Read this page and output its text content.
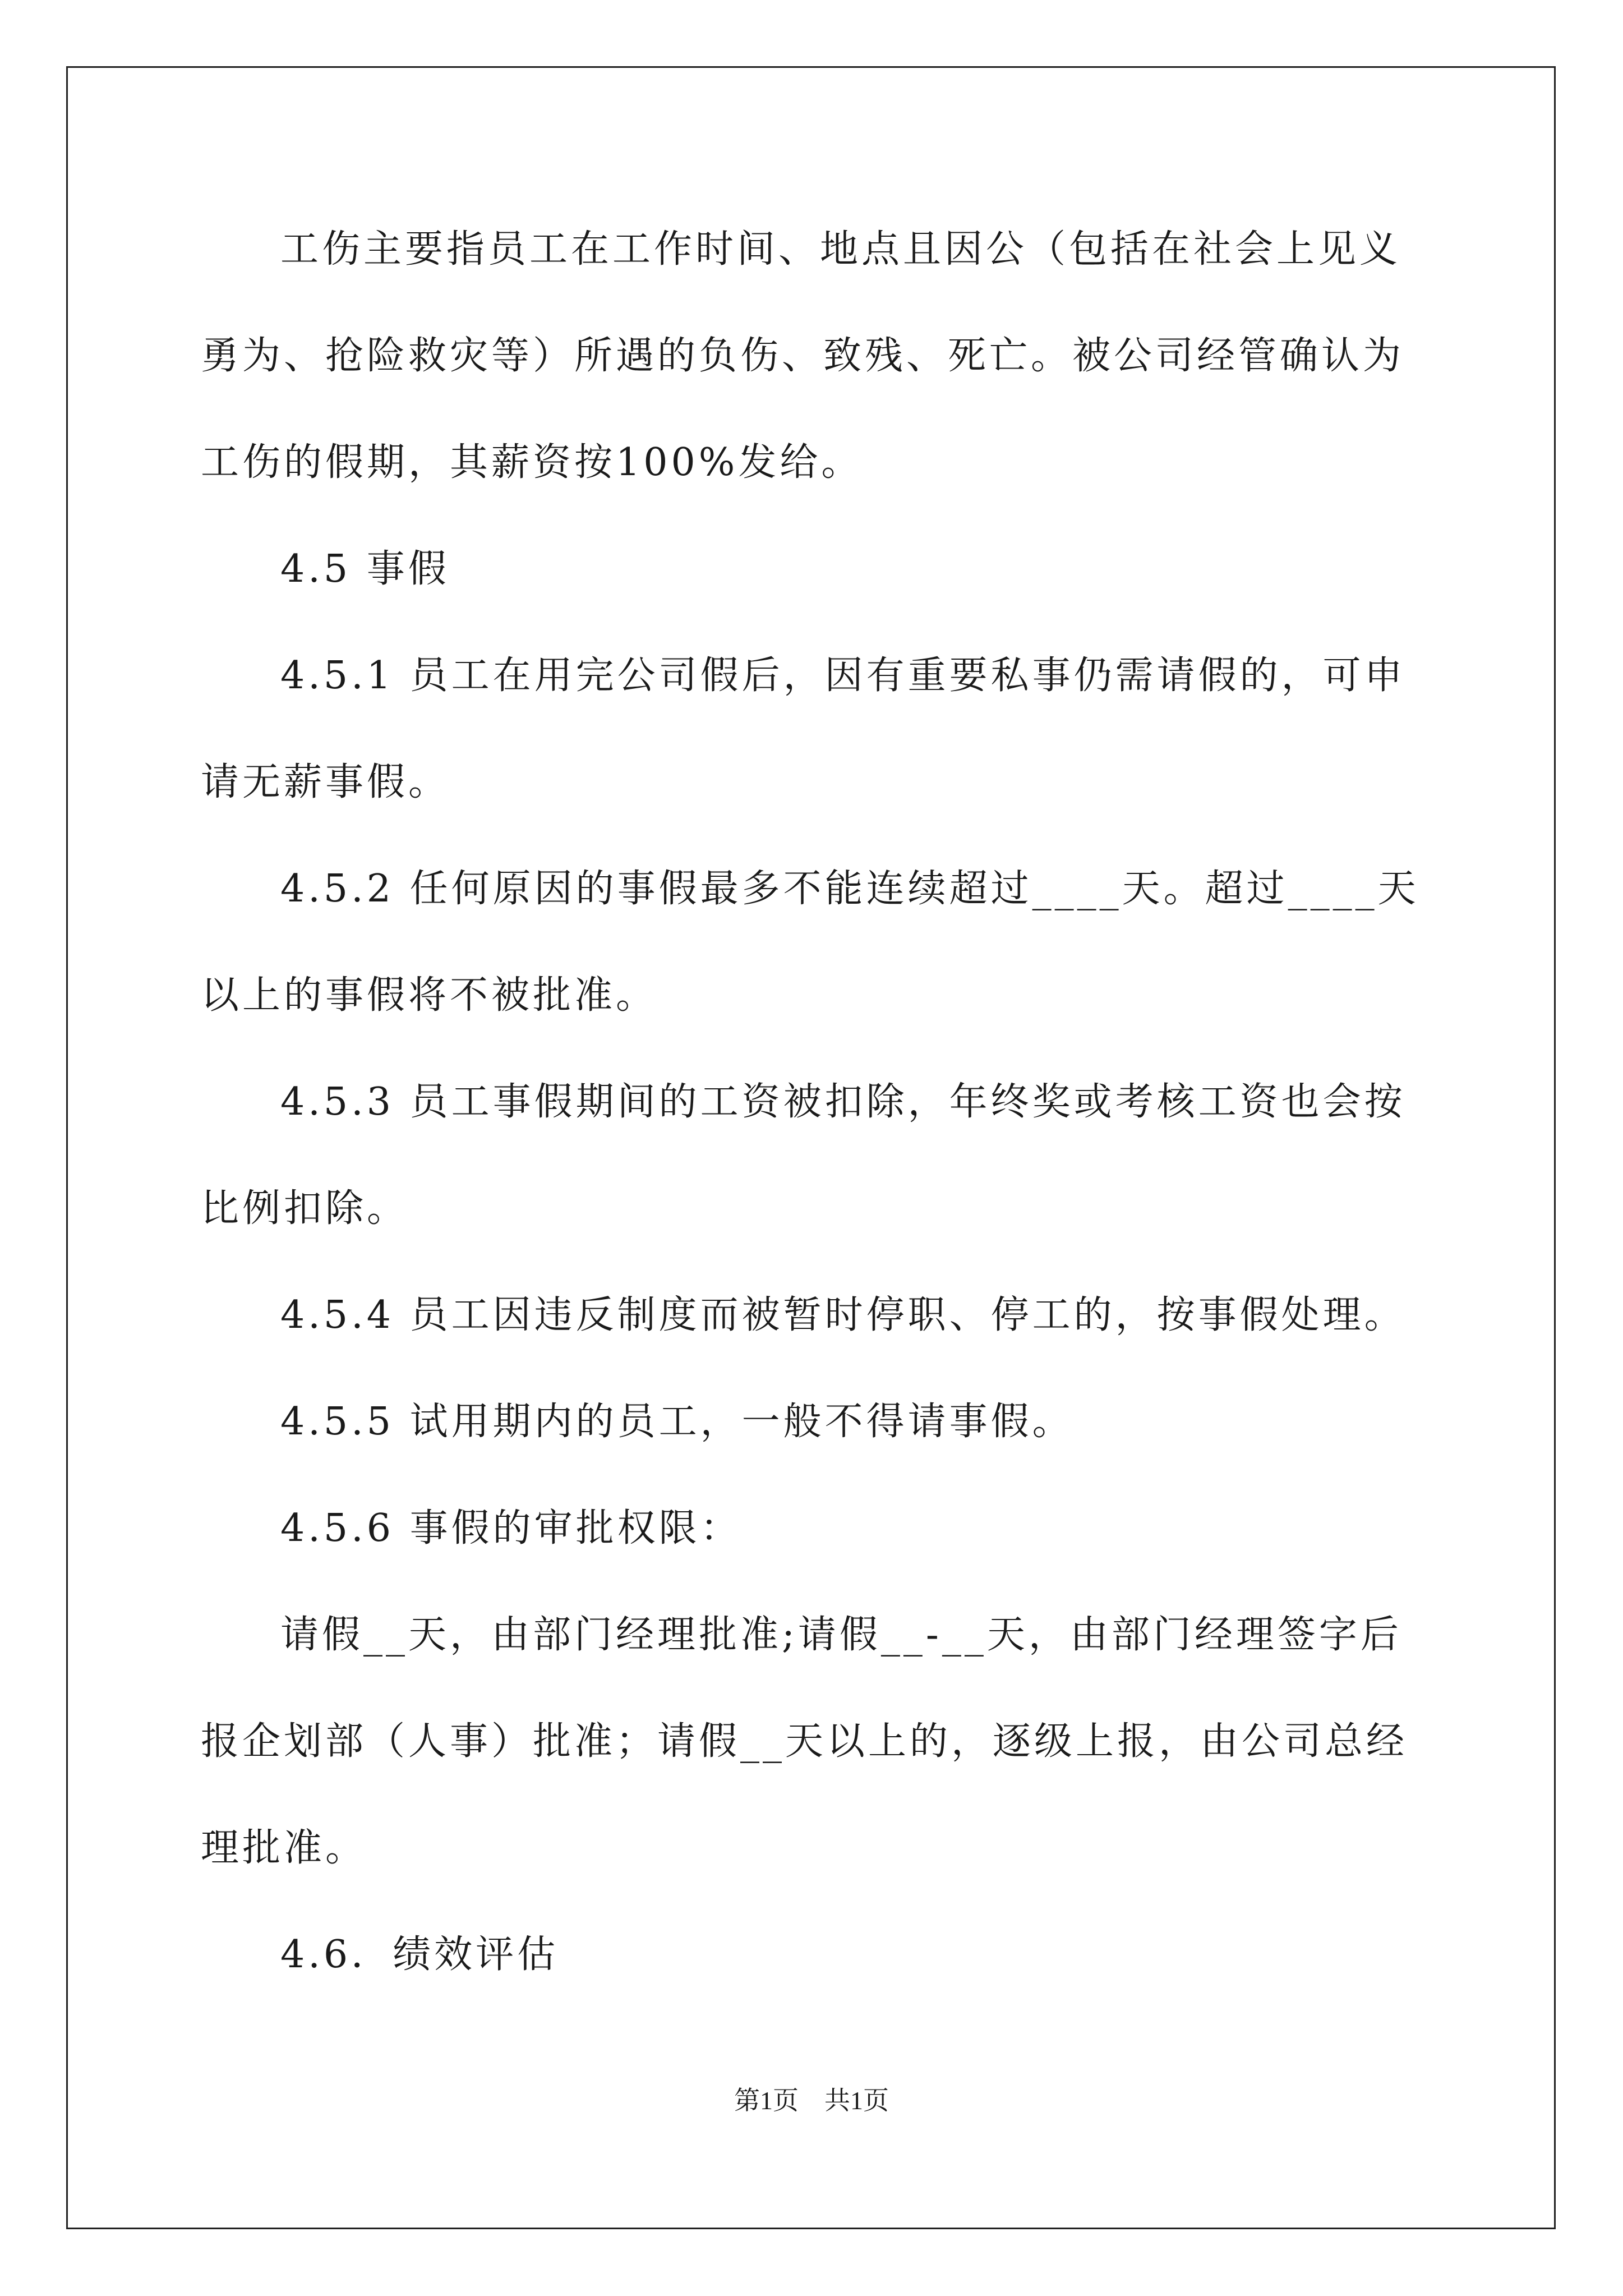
工伤主要指员工在工作时间、地点且因公（包括在社会上见义勇为、抢险救灾等）所遇的负伤、致残、死亡。被公司经管确认为工伤的假期，其薪资按100%发给。

4.5 事假

4.5.1 员工在用完公司假后，因有重要私事仍需请假的，可申请无薪事假。

4.5.2 任何原因的事假最多不能连续超过____天。超过____天以上的事假将不被批准。

4.5.3 员工事假期间的工资被扣除，年终奖或考核工资也会按比例扣除。

4.5.4 员工因违反制度而被暂时停职、停工的，按事假处理。

4.5.5 试用期内的员工，一般不得请事假。

4.5.6 事假的审批权限：

请假__天，由部门经理批准;请假__-__天，由部门经理签字后报企划部（人事）批准；请假__天以上的，逐级上报，由公司总经理批准。

4.6．绩效评估

第1页　共1页
